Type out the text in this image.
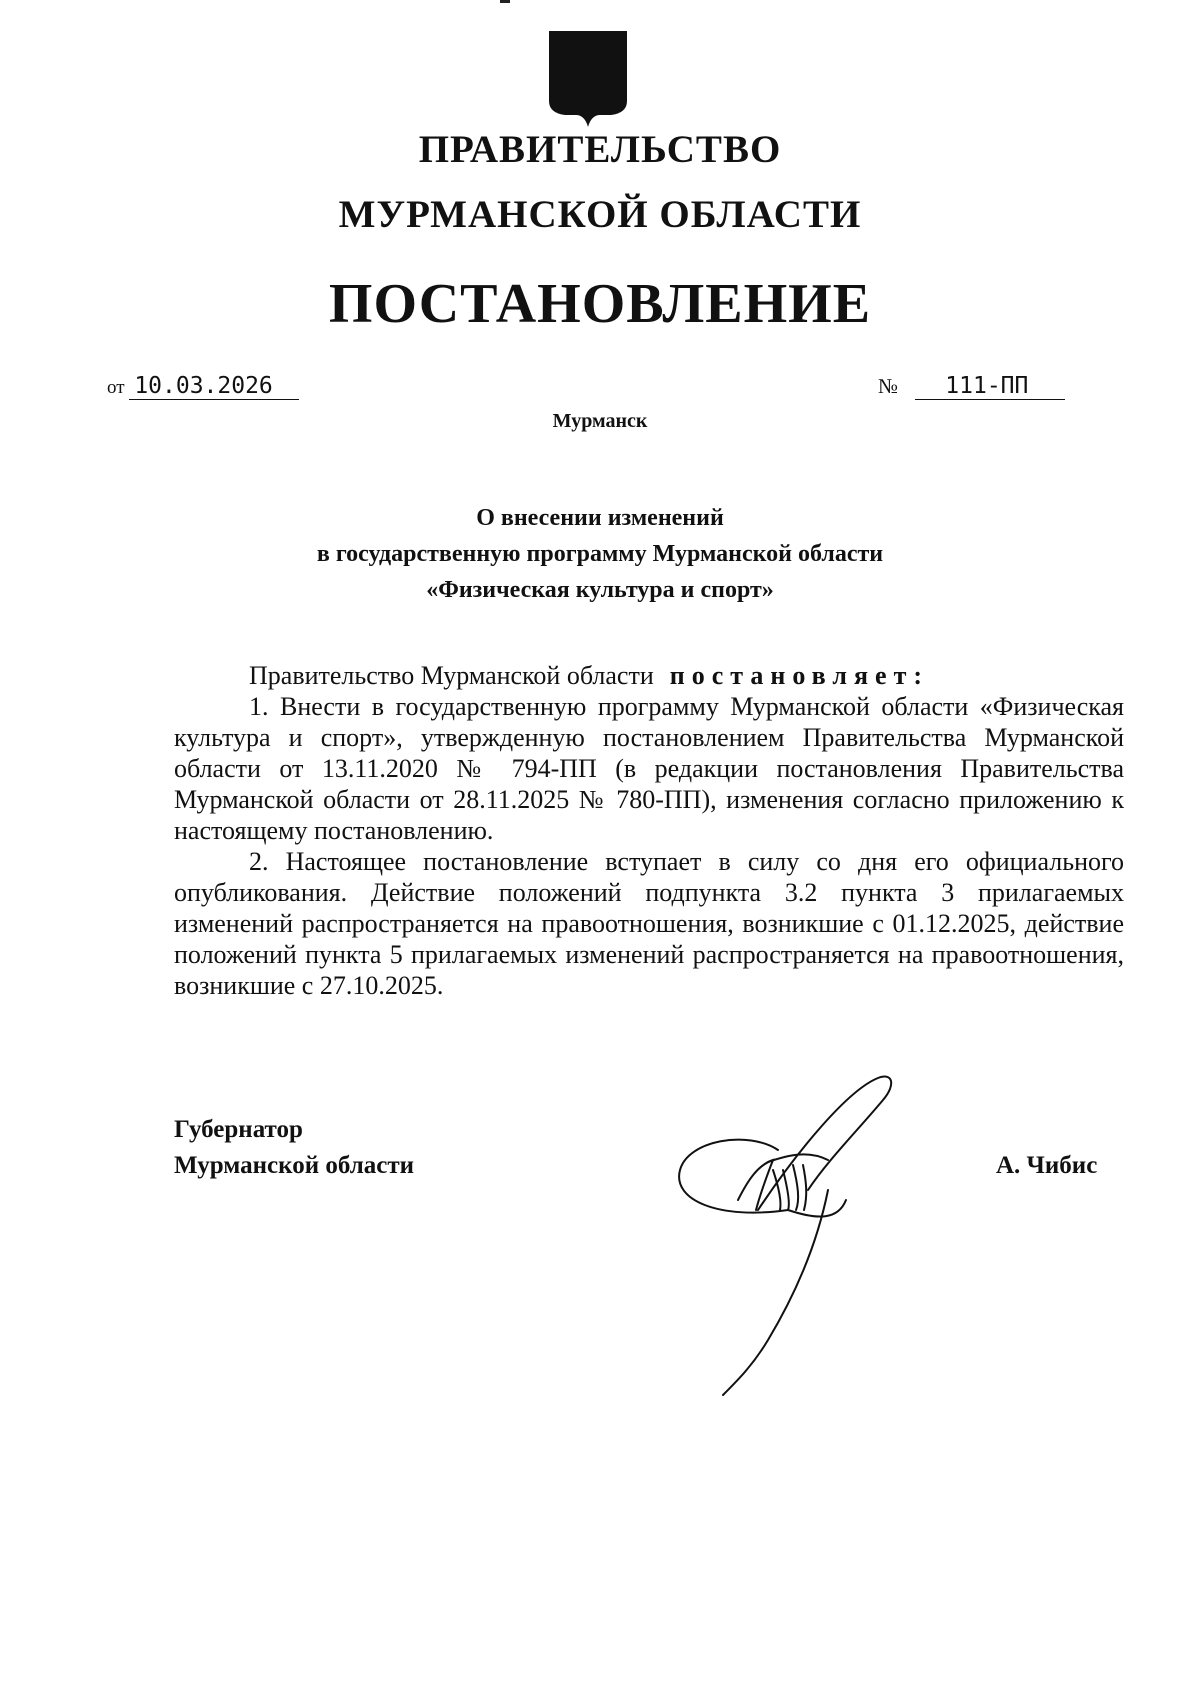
ПРАВИТЕЛЬСТВО
МУРМАНСКОЙ ОБЛАСТИ
ПОСТАНОВЛЕНИЕ
от 10.03.2026	№ 111-ПП
Мурманск
О внесении изменений
в государственную программу Мурманской области
«Физическая культура и спорт»

Правительство Мурманской области постановляет:

1. Внести в государственную программу Мурманской области «Физическая культура и спорт», утвержденную постановлением Правительства Мурманской области от 13.11.2020 № 794-ПП (в редакции постановления Правительства Мурманской области от 28.11.2025 № 780-ПП), изменения согласно приложению к настоящему постановлению.

2. Настоящее постановление вступает в силу со дня его официального опубликования. Действие положений подпункта 3.2 пункта 3 прилагаемых изменений распространяется на правоотношения, возникшие с 01.12.2025, действие положений пункта 5 прилагаемых изменений распространяется на правоотношения, возникшие с 27.10.2025.

Губернатор
Мурманской области	А. Чибис
